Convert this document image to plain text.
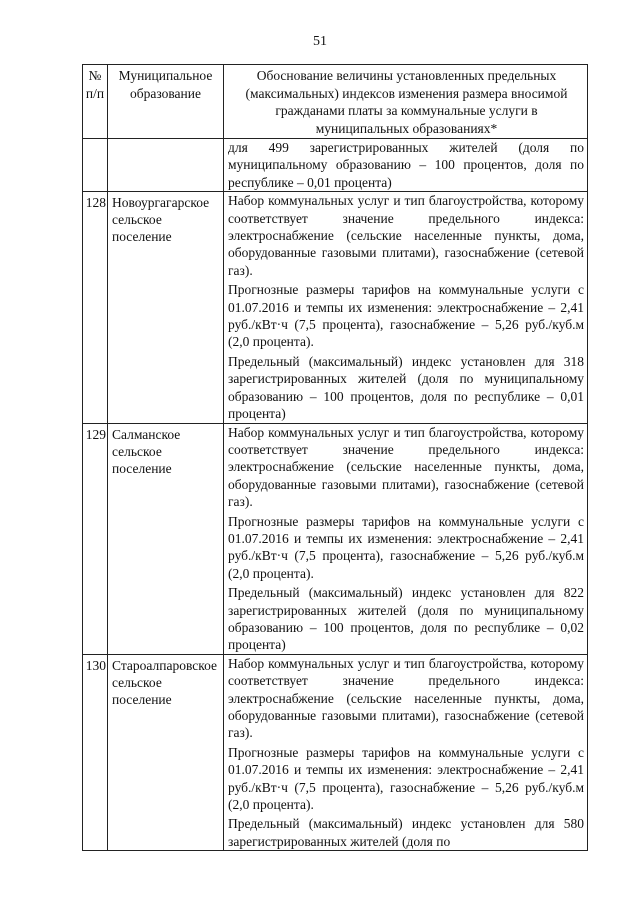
51
№ п/п	Муниципальное образование	Обоснование величины установленных предельных (максимальных) индексов изменения размера вносимой гражданами платы за коммунальные услуги в муниципальных образованиях*

		для 499 зарегистрированных жителей (доля по муниципальному образованию – 100 процентов, доля по республике – 0,01 процента)

128	Новоургагарское сельское поселение	Набор коммунальных услуг и тип благоустройства, которому соответствует значение предельного индекса: электроснабжение (сельские населенные пункты, дома, оборудованные газовыми плитами), газоснабжение (сетевой газ).
Прогнозные размеры тарифов на коммунальные услуги с 01.07.2016 и темпы их изменения: электроснабжение – 2,41 руб./кВт·ч (7,5 процента), газоснабжение – 5,26 руб./куб.м (2,0 процента).
Предельный (максимальный) индекс установлен для 318 зарегистрированных жителей (доля по муниципальному образованию – 100 процентов, доля по республике – 0,01 процента)

129	Салманское сельское поселение	Набор коммунальных услуг и тип благоустройства, которому соответствует значение предельного индекса: электроснабжение (сельские населенные пункты, дома, оборудованные газовыми плитами), газоснабжение (сетевой газ).
Прогнозные размеры тарифов на коммунальные услуги с 01.07.2016 и темпы их изменения: электроснабжение – 2,41 руб./кВт·ч (7,5 процента), газоснабжение – 5,26 руб./куб.м (2,0 процента).
Предельный (максимальный) индекс установлен для 822 зарегистрированных жителей (доля по муниципальному образованию – 100 процентов, доля по республике – 0,02 процента)

130	Староалпаровское сельское поселение	Набор коммунальных услуг и тип благоустройства, которому соответствует значение предельного индекса: электроснабжение (сельские населенные пункты, дома, оборудованные газовыми плитами), газоснабжение (сетевой газ).
Прогнозные размеры тарифов на коммунальные услуги с 01.07.2016 и темпы их изменения: электроснабжение – 2,41 руб./кВт·ч (7,5 процента), газоснабжение – 5,26 руб./куб.м (2,0 процента).
Предельный (максимальный) индекс установлен для 580 зарегистрированных жителей (доля по
